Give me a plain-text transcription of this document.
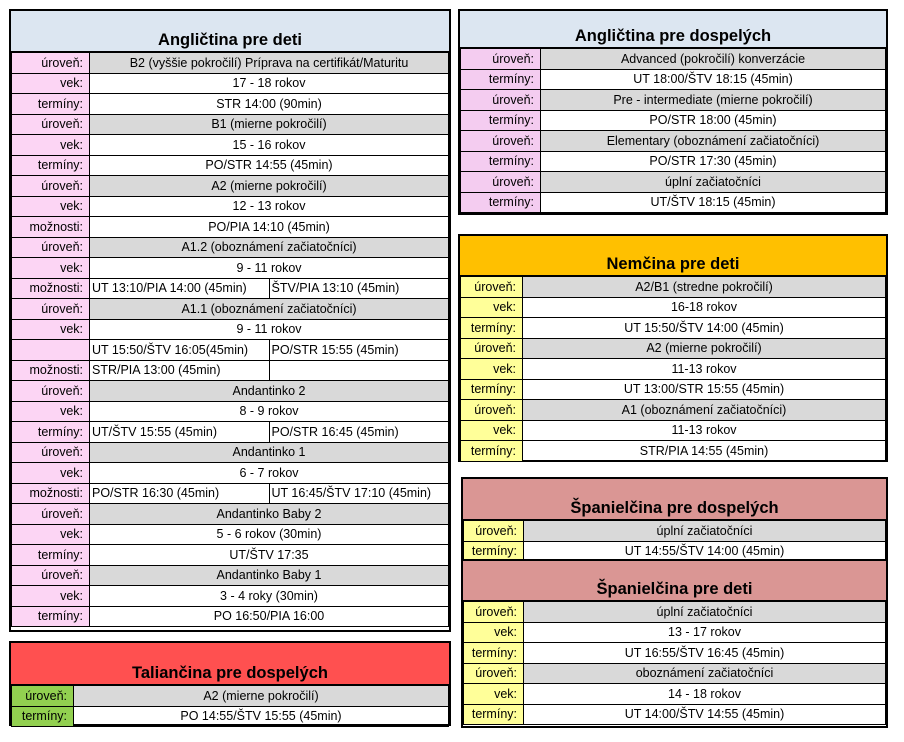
Angličtina pre deti
úroveň:	B2 (vyššie pokročilí) Príprava na certifikát/Maturitu	
vek:	17 - 18 rokov	
termíny:	STR 14:00 (90min)	
úroveň:	B1 (mierne pokročilí)	
vek:	15 - 16 rokov	
termíny:	PO/STR 14:55 (45min)	
úroveň:	A2 (mierne pokročilí)	
vek:	12 - 13 rokov	
možnosti:	PO/PIA 14:10 (45min)	
úroveň:	A1.2 (oboznámení začiatočníci)	
vek:	9 - 11 rokov	
možnosti:	UT 13:10/PIA 14:00 (45min)	ŠTV/PIA 13:10 (45min)
úroveň:	A1.1 (oboznámení začiatočníci)	
vek:	9 - 11 rokov	
	UT 15:50/ŠTV 16:05(45min)	PO/STR 15:55 (45min)
možnosti:	STR/PIA 13:00 (45min)	
úroveň:	Andantinko 2	
vek:	8 - 9 rokov	
termíny:	UT/ŠTV 15:55 (45min)	PO/STR 16:45 (45min)
úroveň:	Andantinko 1	
vek:	6 - 7 rokov	
možnosti:	PO/STR 16:30 (45min)	UT 16:45/ŠTV 17:10 (45min)
úroveň:	Andantinko Baby 2	
vek:	5 - 6 rokov (30min)	
termíny:	UT/ŠTV 17:35	
úroveň:	Andantinko Baby 1	
vek:	3 - 4 roky (30min)	
termíny:	PO 16:50/PIA 16:00	
Taliančina pre dospelých
úroveň:	A2 (mierne pokročilí)
termíny:	PO 14:55/ŠTV 15:55 (45min)
Angličtina pre dospelých
úroveň:	Advanced (pokročilí) konverzácie
termíny:	UT 18:00/ŠTV 18:15 (45min)
úroveň:	Pre - intermediate (mierne pokročilí)
termíny:	PO/STR 18:00 (45min)
úroveň:	Elementary (oboznámení začiatočníci)
termíny:	PO/STR 17:30 (45min)
úroveň:	úplní začiatočníci
termíny:	UT/ŠTV 18:15 (45min)
Nemčina pre deti
úroveň:	A2/B1 (stredne pokročilí)
vek:	16-18 rokov
termíny:	UT 15:50/ŠTV 14:00 (45min)
úroveň:	A2 (mierne pokročilí)
vek:	11-13 rokov
termíny:	UT 13:00/STR 15:55 (45min)
úroveň:	A1 (oboznámení začiatočníci)
vek:	11-13 rokov
termíny:	STR/PIA 14:55 (45min)
Španielčina pre dospelých
úroveň:	úplní začiatočníci
termíny:	UT 14:55/ŠTV 14:00 (45min)
Španielčina pre deti
úroveň:	úplní začiatočníci
vek:	13 - 17 rokov
termíny:	UT 16:55/ŠTV 16:45 (45min)
úroveň:	oboznámení začiatočníci
vek:	14 - 18 rokov
termíny:	UT 14:00/ŠTV 14:55 (45min)
